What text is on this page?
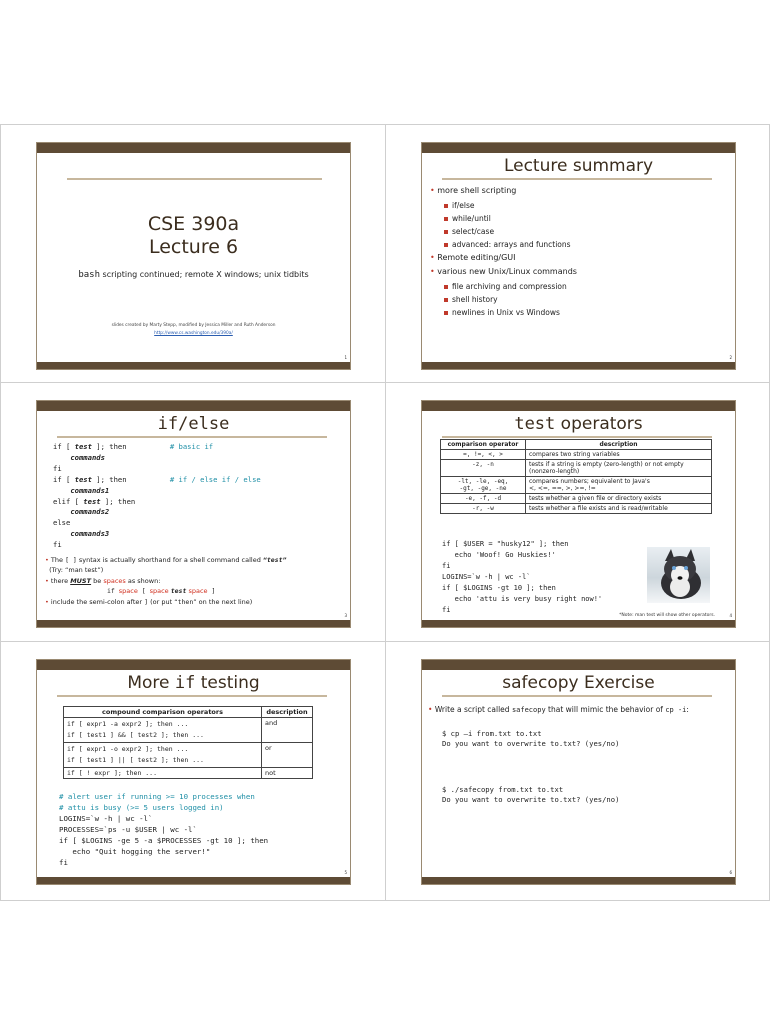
CSE 390a
Lecture 6
bash scripting continued; remote X windows; unix tidbits
slides created by Marty Stepp, modified by Jessica Miller and Ruth Anderson
http://www.cs.washington.edu/390a/
1
Lecture summary
• more shell scripting
if/else
while/until
select/case
advanced: arrays and functions
• Remote editing/GUI
• various new Unix/Linux commands
file archiving and compression
shell history
newlines in Unix vs Windows
2
if/else
if [ test ]; then	# basic if
commands
fi
if [ test ]; then	# if / else if / else
commands1
elif [ test ]; then
commands2
else
commands3
fi
• The [ ] syntax is actually shorthand for a shell command called “test”
(Try: “man test”)
• there MUST be spaces as shown:
if space [ space test space ]
• include the semi-colon after ] (or put “then” on the next line)
3
test operators
comparison operator	description
=, !=, <, >	compares two string variables
-z, -n	tests if a string is empty (zero-length) or not empty (nonzero-length)
-lt, -le, -eq,
-gt, -ge, -ne	compares numbers; equivalent to Java's
<, <=, ==, >, >=, !=
-e, -f, -d	tests whether a given file or directory exists
-r, -w	tests whether a file exists and is read/writable
if [ $USER = "husky12" ]; then
echo 'Woof! Go Huskies!'
fi
LOGINS=`w -h | wc -l`
if [ $LOGINS -gt 10 ]; then
echo 'attu is very busy right now!'
fi
*Note: man test will show other operators.	4
More if testing
compound comparison operators	description
if [ expr1 -a expr2 ]; then ...
if [ test1 ] && [ test2 ]; then ...	and
if [ expr1 -o expr2 ]; then ...
if [ test1 ] || [ test2 ]; then ...	or
if [ ! expr ]; then ...	not
# alert user if running >= 10 processes when
# attu is busy (>= 5 users logged in)
LOGINS=`w -h | wc -l`
PROCESSES=`ps -u $USER | wc -l`
if [ $LOGINS -ge 5 -a $PROCESSES -gt 10 ]; then
echo "Quit hogging the server!"
fi
5
safecopy Exercise
• Write a script called safecopy that will mimic the behavior of cp -i:
$ cp –i from.txt to.txt
Do you want to overwrite to.txt? (yes/no)
$ ./safecopy from.txt to.txt
Do you want to overwrite to.txt? (yes/no)
6
